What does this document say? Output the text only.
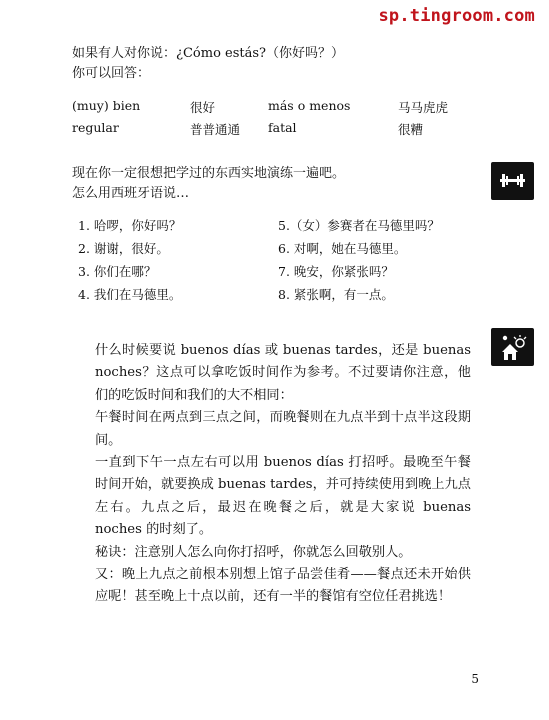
sp.tingroom.com
如果有人对你说：¿Cómo estás?（你好吗？）
你可以回答：
(muy) bien	很好	más o menos	马马虎虎
regular	普普通通 fatal	很糟
现在你一定很想把学过的东西实地演练一遍吧。
怎么用西班牙语说…
1. 哈啰，你好吗？	5.（女）参赛者在马德里吗？
2. 谢谢，很好。	6. 对啊，她在马德里。
3. 你们在哪？	7. 晚安，你紧张吗？
4. 我们在马德里。	8. 紧张啊，有一点。

什么时候要说 buenos días 或 buenas tardes，还是 buenas noches？这点可以拿吃饭时间作为参考。不过要请你注意，他们的吃饭时间和我们的大不相同：

午餐时间在两点到三点之间，而晚餐则在九点半到十点半这段期间。

一直到下午一点左右可以用 buenos días 打招呼。最晚至午餐时间开始，就要换成 buenas tardes，并可持续使用到晚上九点左右。九点之后，最迟在晚餐之后，就是大家说 buenas noches 的时刻了。

秘诀：注意别人怎么向你打招呼，你就怎么回敬别人。

又：晚上九点之前根本别想上馆子品尝佳肴——餐点还未开始供应呢！甚至晚上十点以前，还有一半的餐馆有空位任君挑选！

5
